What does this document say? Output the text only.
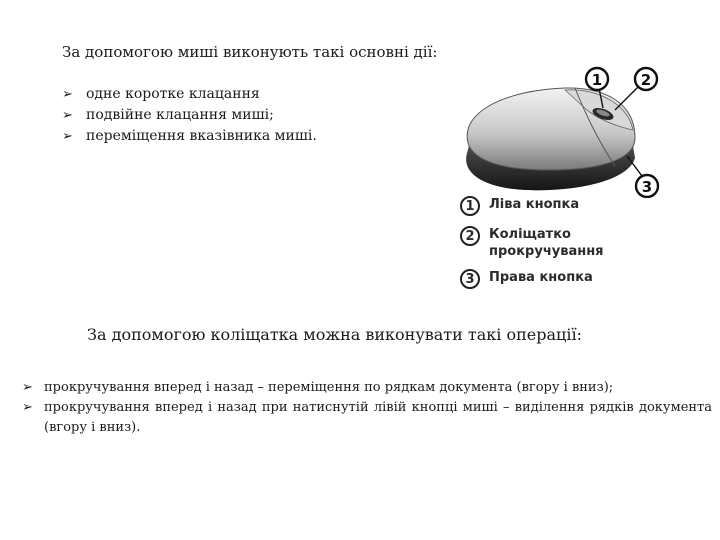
За допомогою миші виконують такі основні дії:
➢ одне коротке клацання
➢ подвійне клацання миші;
➢ переміщення вказівника миші.
1	2
3
1	Ліва кнопка
2	Коліщатко
прокручування
3	Права кнопка
За допомогою коліщатка можна виконувати такі операції:
➢ прокручування вперед і назад – переміщення по рядкам документа (вгору і вниз);
➢ прокручування вперед і назад при натиснутій лівій кнопці миші – виділення рядків документа (вгору і вниз).
